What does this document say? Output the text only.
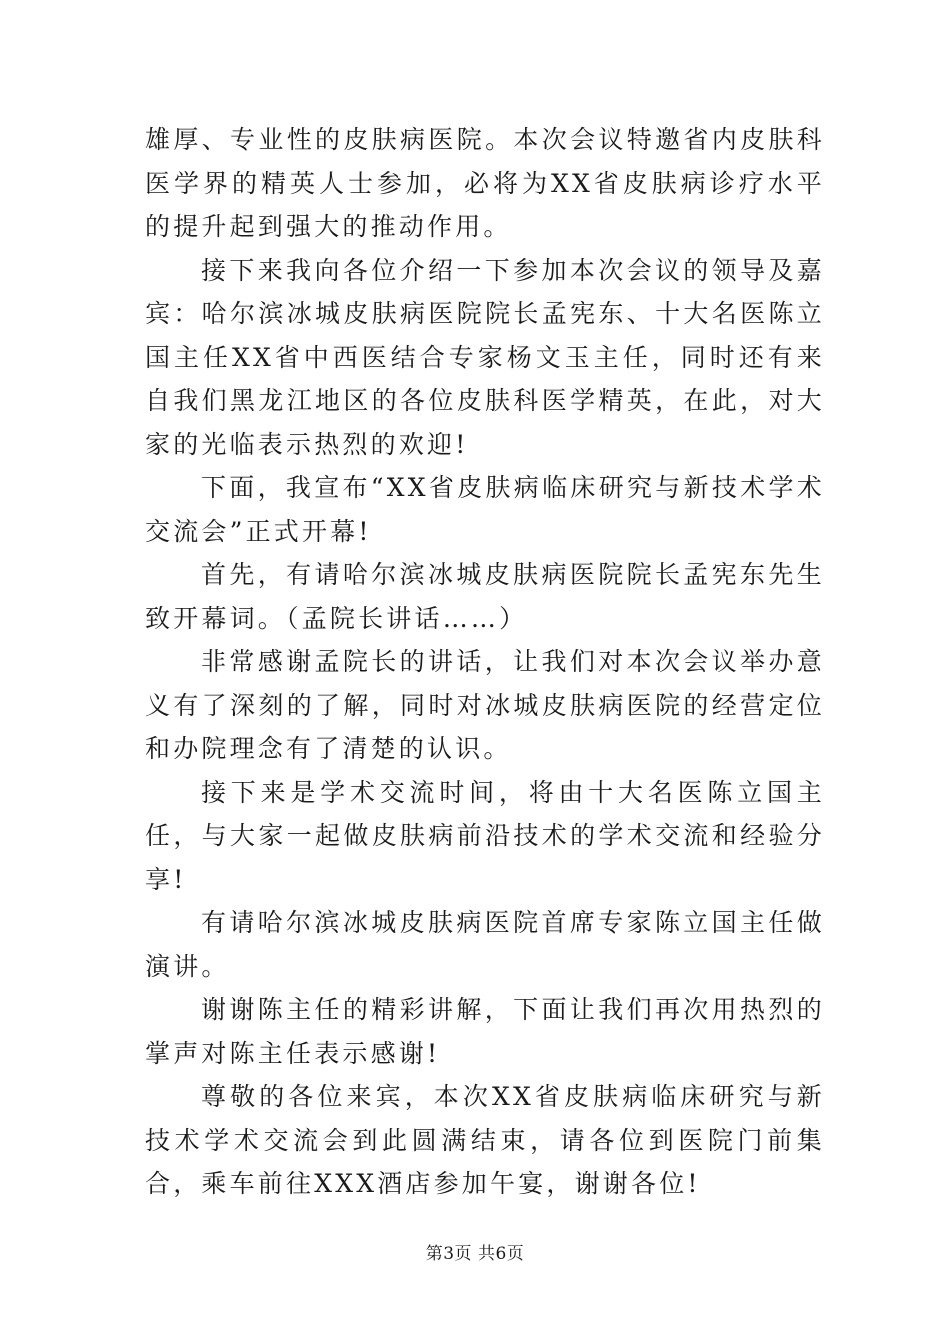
雄厚、专业性的皮肤病医院。本次会议特邀省内皮肤科医学界的精英人士参加，必将为XX省皮肤病诊疗水平的提升起到强大的推动作用。

接下来我向各位介绍一下参加本次会议的领导及嘉宾：哈尔滨冰城皮肤病医院院长孟宪东、十大名医陈立国主任XX省中西医结合专家杨文玉主任，同时还有来自我们黑龙江地区的各位皮肤科医学精英，在此，对大家的光临表示热烈的欢迎!

下面，我宣布“XX省皮肤病临床研究与新技术学术交流会”正式开幕!

首先，有请哈尔滨冰城皮肤病医院院长孟宪东先生致开幕词。（孟院长讲话……）

非常感谢孟院长的讲话，让我们对本次会议举办意义有了深刻的了解，同时对冰城皮肤病医院的经营定位和办院理念有了清楚的认识。

接下来是学术交流时间，将由十大名医陈立国主任，与大家一起做皮肤病前沿技术的学术交流和经验分享!

有请哈尔滨冰城皮肤病医院首席专家陈立国主任做演讲。

谢谢陈主任的精彩讲解，下面让我们再次用热烈的掌声对陈主任表示感谢!

尊敬的各位来宾，本次XX省皮肤病临床研究与新技术学术交流会到此圆满结束，请各位到医院门前集合，乘车前往XXX酒店参加午宴，谢谢各位!

第3页 共6页
